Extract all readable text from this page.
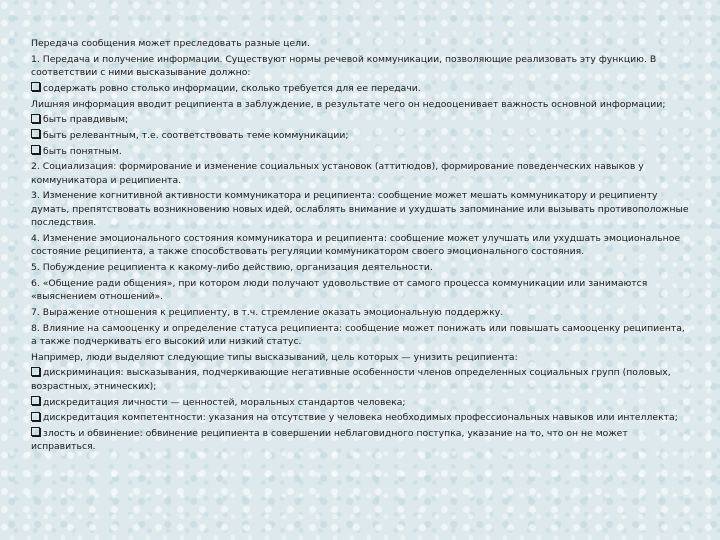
Передача сообщения может преследовать разные цели.

1. Передача и получение информации. Существуют нормы речевой коммуникации, позволяющие реализовать эту функцию. В соответствии с ними высказывание должно:

содержать ровно столько информации, сколько требуется для ее передачи.

Лишняя информация вводит реципиента в заблуждение, в результате чего он недооценивает важность основной информации;

быть правдивым;

быть релевантным, т.е. соответствовать теме коммуникации;

быть понятным.

2. Социализация: формирование и изменение социальных установок (аттитюдов), формирование поведенческих навыков у коммуникатора и реципиента.

3. Изменение когнитивной активности коммуникатора и реципиента: сообщение может мешать коммуникатору и реципиенту думать, препятствовать возникновению новых идей, ослаблять внимание и ухудшать запоминание или вызывать противоположные последствия.

4. Изменение эмоционального состояния коммуникатора и реципиента: сообщение может улучшать или ухудшать эмоциональное состояние реципиента, а также способствовать регуляции коммуникатором своего эмоционального состояния.

5. Побуждение реципиента к какому-либо действию, организация деятельности.

6. «Общение ради общения», при котором люди получают удовольствие от самого процесса коммуникации или занимаются «выяснением отношений».

7. Выражение отношения к реципиенту, в т.ч. стремление оказать эмоциональную поддержку.

8. Влияние на самооценку и определение статуса реципиента: сообщение может понижать или повышать самооценку реципиента, а также подчеркивать его высокий или низкий статус.

Например, люди выделяют следующие типы высказываний, цель которых — унизить реципиента:

дискриминация: высказывания, подчеркивающие негативные особенности членов определенных социальных групп (половых, возрастных, этнических);

дискредитация личности — ценностей, моральных стандартов человека;

дискредитация компетентности: указания на отсутствие у человека необходимых профессиональных навыков или интеллекта;

злость и обвинение: обвинение реципиента в совершении неблаговидного поступка, указание на то, что он не может исправиться.
